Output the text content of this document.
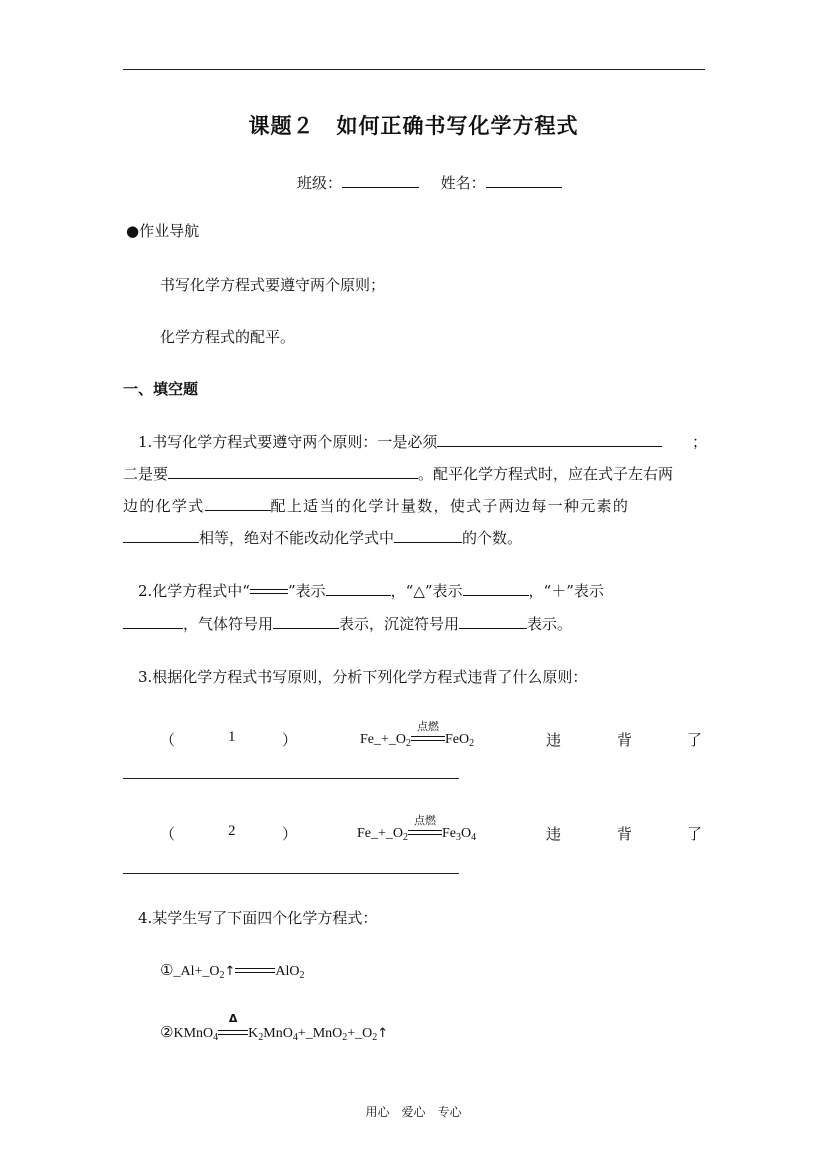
课题２　如何正确书写化学方程式
班级：	姓名：
●作业导航
书写化学方程式要遵守两个原则；
化学方程式的配平。
一、填空题
1.书写化学方程式要遵守两个原则：一是必须	；
二是要	。配平化学方程式时，应在式子左右两
边的化学式	配上适当的化学计量数，使式子两边每一种元素的
相等，绝对不能改动化学式中	的个数。
2.化学方程式中“	”表示	，“△”表示	，“＋”表示
，气体符号用	表示，沉淀符号用	表示。
3.根据化学方程式书写原则，分析下列化学方程式违背了什么原则：
（	1	）	$Fe\_+\_O_2$
点燃
FeO$_2$	违	背	了
（	2	）	$Fe\_+\_O_2$
点燃
$Fe_3O_4$	违	背	了
4.某学生写了下面四个化学方程式：
$①\_Al+\_O_2↑$	AlO$_2$
②KMnO$_4$
Δ
$K_2MnO_4+\_MnO_2+\_O_2↑$
用心　爱心　专心
